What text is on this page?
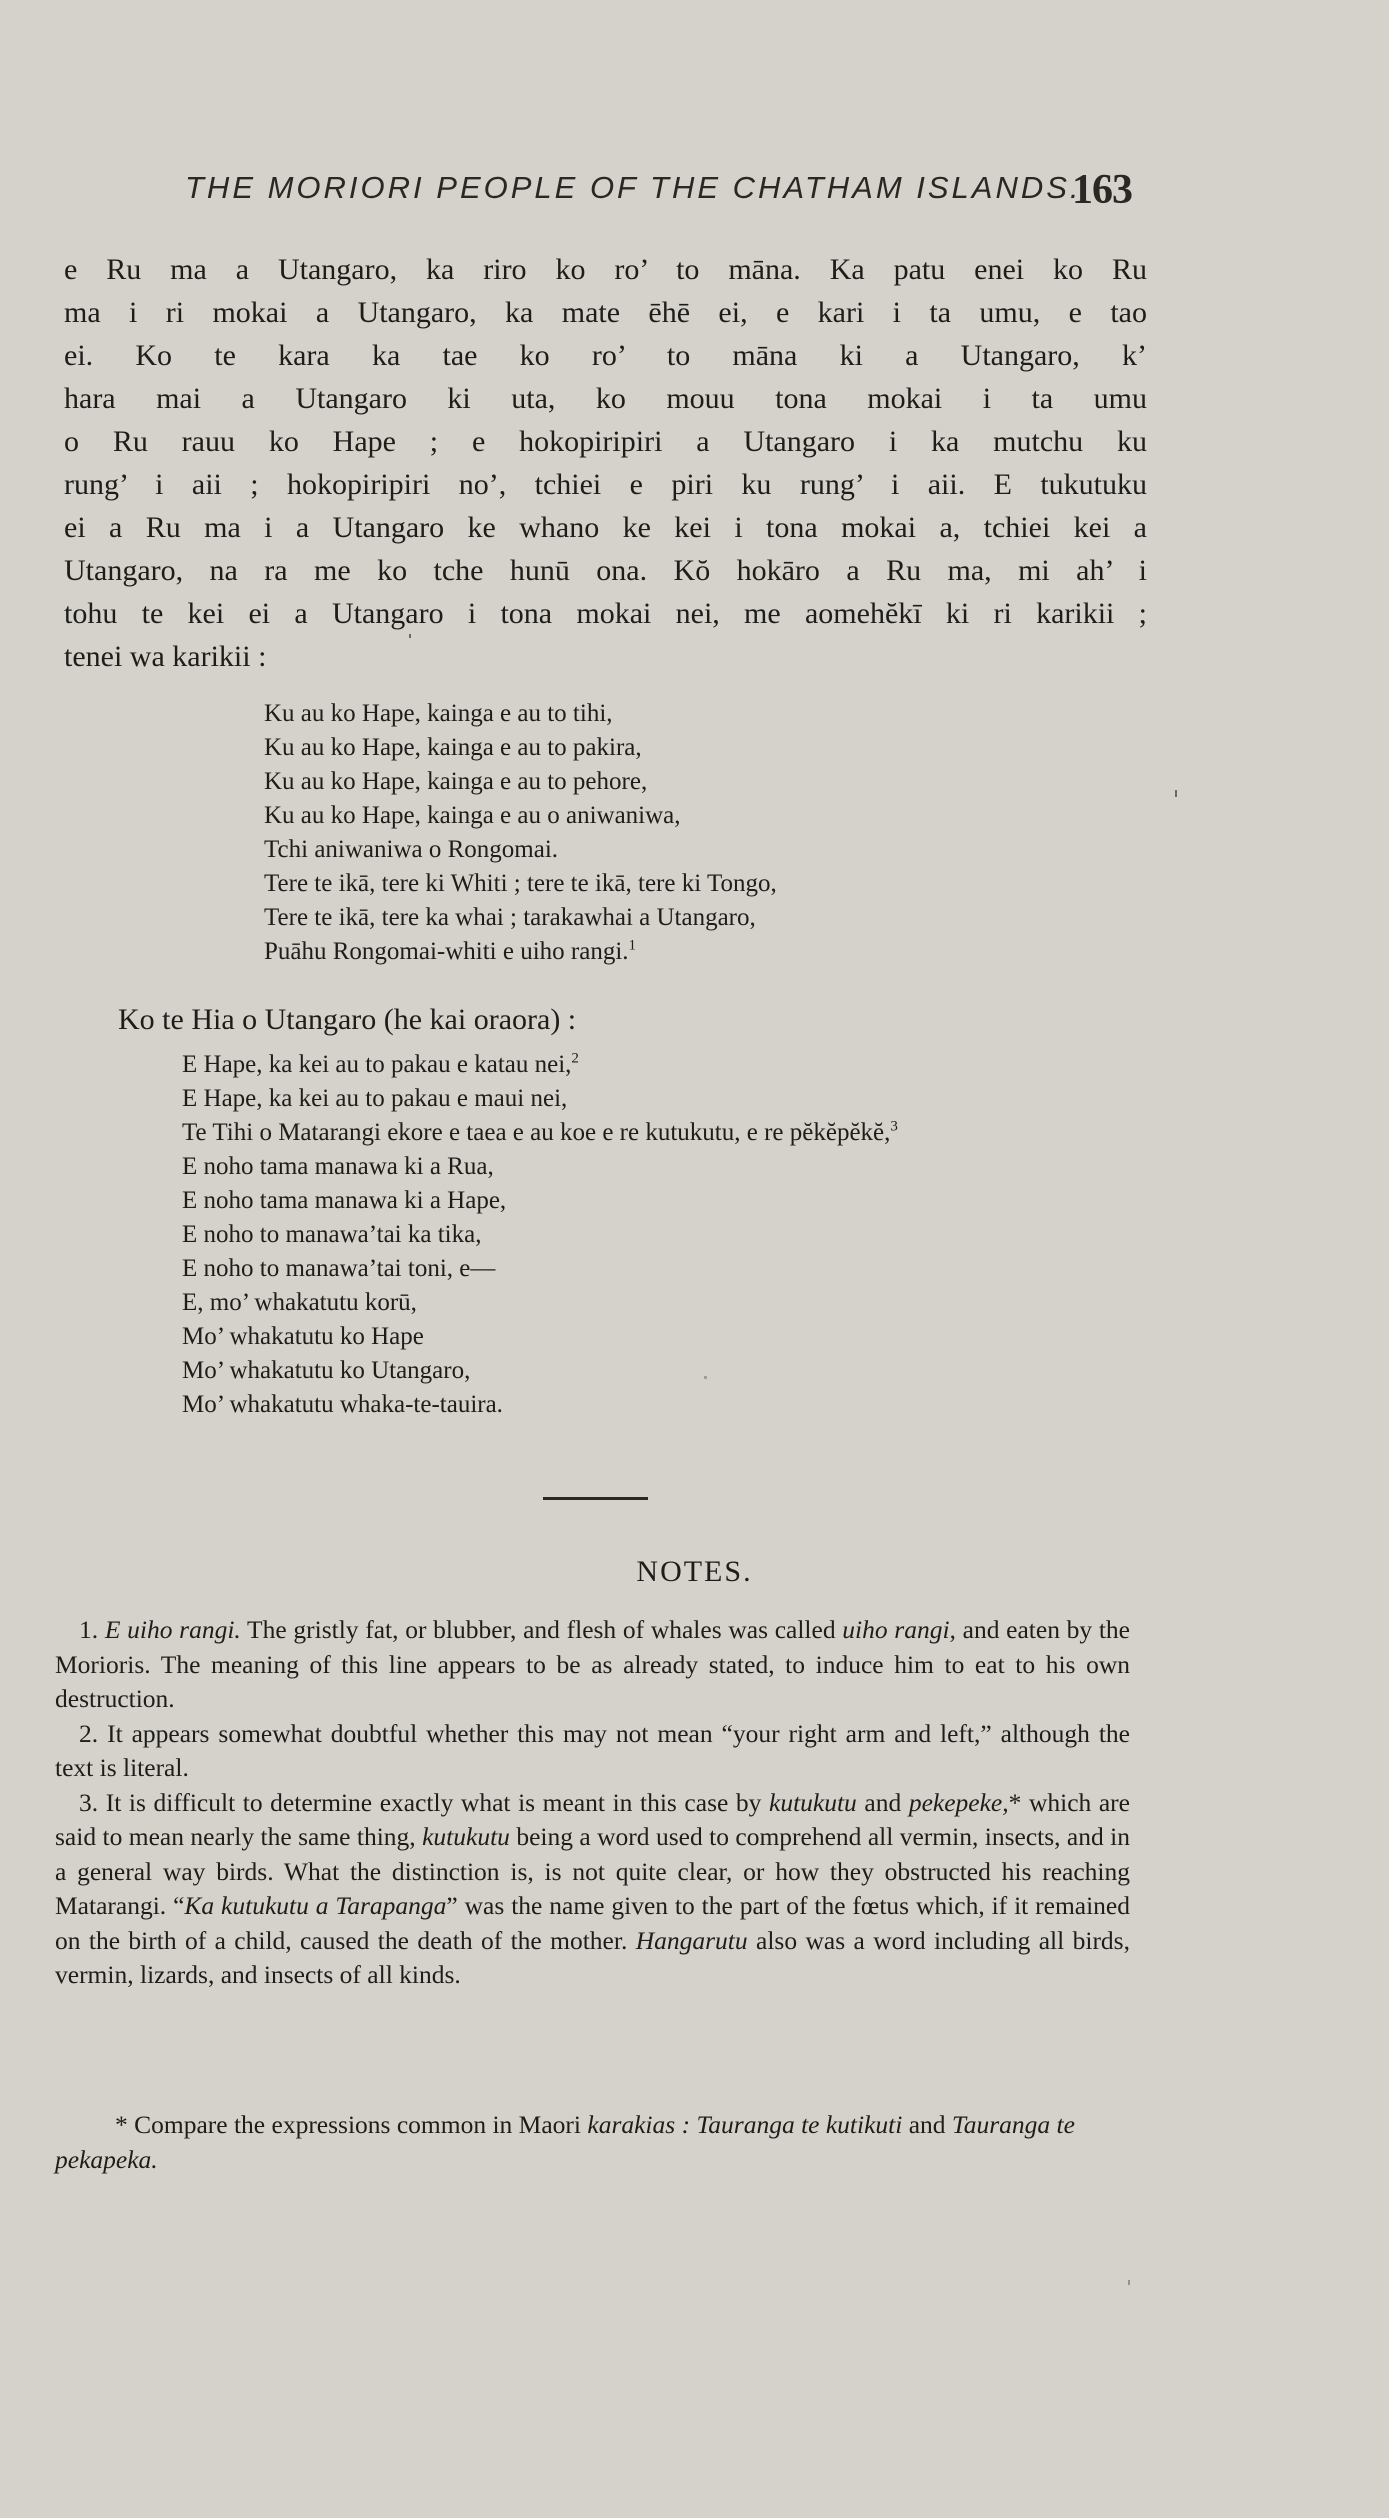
THE MORIORI PEOPLE OF THE CHATHAM ISLANDS.
163
e Ru ma a Utangaro, ka riro ko ro’ to māna. Ka patu enei ko Ru
ma i ri mokai a Utangaro, ka mate ēhē ei, e kari i ta umu, e tao
ei. Ko te kara ka tae ko ro’ to māna ki a Utangaro, k’
hara mai a Utangaro ki uta, ko mouu tona mokai i ta umu
o Ru rauu ko Hape ; e hokopiripiri a Utangaro i ka mutchu ku
rung’ i aii ; hokopiripiri no’, tchiei e piri ku rung’ i aii. E tukutuku
ei a Ru ma i a Utangaro ke whano ke kei i tona mokai a, tchiei kei a
Utangaro, na ra me ko tche hunū ona. Kŏ hokāro a Ru ma, mi ah’ i
tohu te kei ei a Utangaro i tona mokai nei, me aomehĕkī ki ri karikii ;
tenei wa karikii :
Ku au ko Hape, kainga e au to tihi,
Ku au ko Hape, kainga e au to pakira,
Ku au ko Hape, kainga e au to pehore,
Ku au ko Hape, kainga e au o aniwaniwa,
Tchi aniwaniwa o Rongomai.
Tere te ikā, tere ki Whiti ; tere te ikā, tere ki Tongo,
Tere te ikā, tere ka whai ; tarakawhai a Utangaro,
Puāhu Rongomai-whiti e uiho rangi.$^1$
Ko te Hia o Utangaro (he kai oraora) :
E Hape, ka kei au to pakau e katau nei,$^2$
E Hape, ka kei au to pakau e maui nei,
Te Tihi o Matarangi ekore e taea e au koe e re kutukutu, e re pĕkĕpĕkĕ,$^3$
E noho tama manawa ki a Rua,
E noho tama manawa ki a Hape,
E noho to manawa’tai ka tika,
E noho to manawa’tai toni, e—
E, mo’ whakatutu korū,
Mo’ whakatutu ko Hape
Mo’ whakatutu ko Utangaro,
Mo’ whakatutu whaka-te-tauira.
NOTES.

1. E uiho rangi. The gristly fat, or blubber, and flesh of whales was called uiho rangi, and eaten by the Morioris. The meaning of this line appears to be as already stated, to induce him to eat to his own destruction.

2. It appears somewhat doubtful whether this may not mean “your right arm and left,” although the text is literal.

3. It is difficult to determine exactly what is meant in this case by kutukutu and pekepeke,* which are said to mean nearly the same thing, kutukutu being a word used to comprehend all vermin, insects, and in a general way birds. What the distinction is, is not quite clear, or how they obstructed his reaching Matarangi. “Ka kutukutu a Tarapanga” was the name given to the part of the fœtus which, if it remained on the birth of a child, caused the death of the mother. Hangarutu also was a word including all birds, vermin, lizards, and insects of all kinds.

* Compare the expressions common in Maori karakias : Tauranga te kutikuti and Tauranga te pekapeka.
